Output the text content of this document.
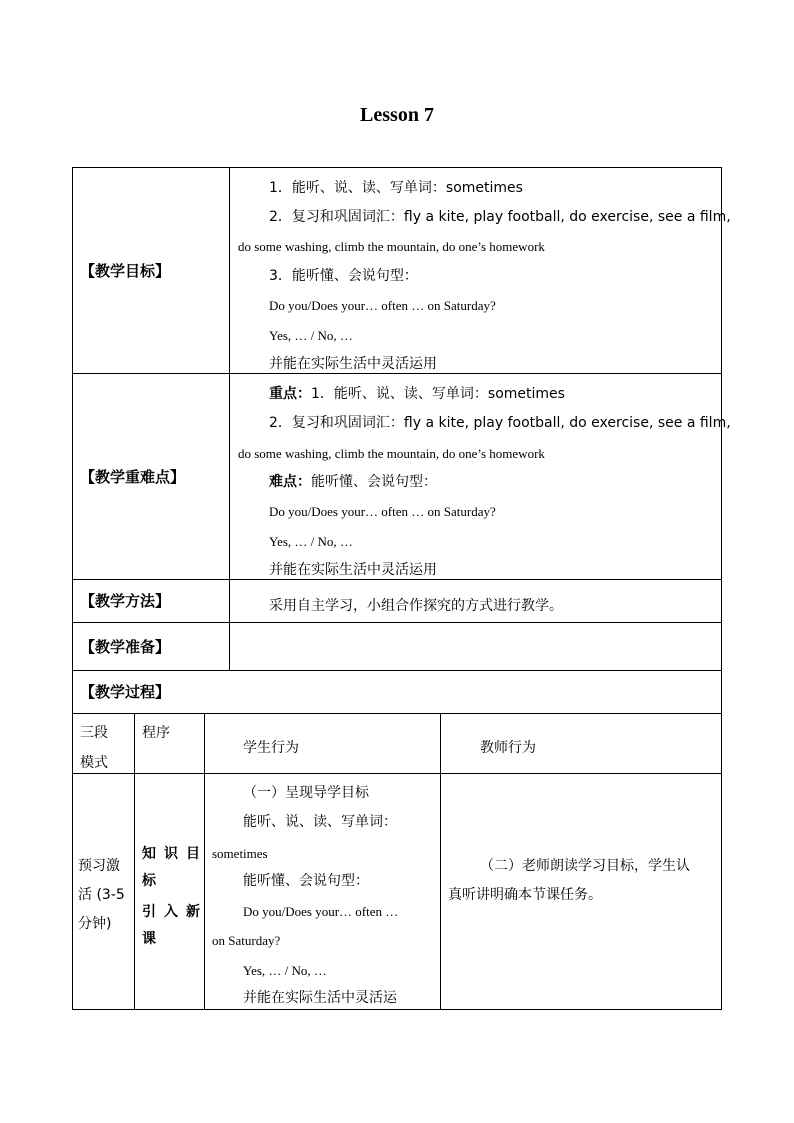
Lesson 7
【教学目标】
1．能听、说、读、写单词：sometimes
2．复习和巩固词汇：fly a kite, play football, do exercise, see a film,
do some washing, climb the mountain, do one’s homework
3．能听懂、会说句型：
Do you/Does your… often … on Saturday?
Yes, … / No, …
并能在实际生活中灵活运用
【教学重难点】
重点：1．能听、说、读、写单词：sometimes
2．复习和巩固词汇：fly a kite, play football, do exercise, see a film,
do some washing, climb the mountain, do one’s homework
难点：能听懂、会说句型：
Do you/Does your… often … on Saturday?
Yes, … / No, …
并能在实际生活中灵活运用
【教学方法】	采用自主学习，小组合作探究的方式进行教学。
【教学准备】
【教学过程】
三段
模式
程序
学生行为	教师行为
预习激
活 (3-5
分钟)
知 识 目
标
引 入 新
课
（一）呈现导学目标
能听、说、读、写单词：
sometimes
能听懂、会说句型：
Do you/Does your… often …
on Saturday?
Yes, … / No, …
并能在实际生活中灵活运
（二）老师朗读学习目标，学生认
真听讲明确本节课任务。
